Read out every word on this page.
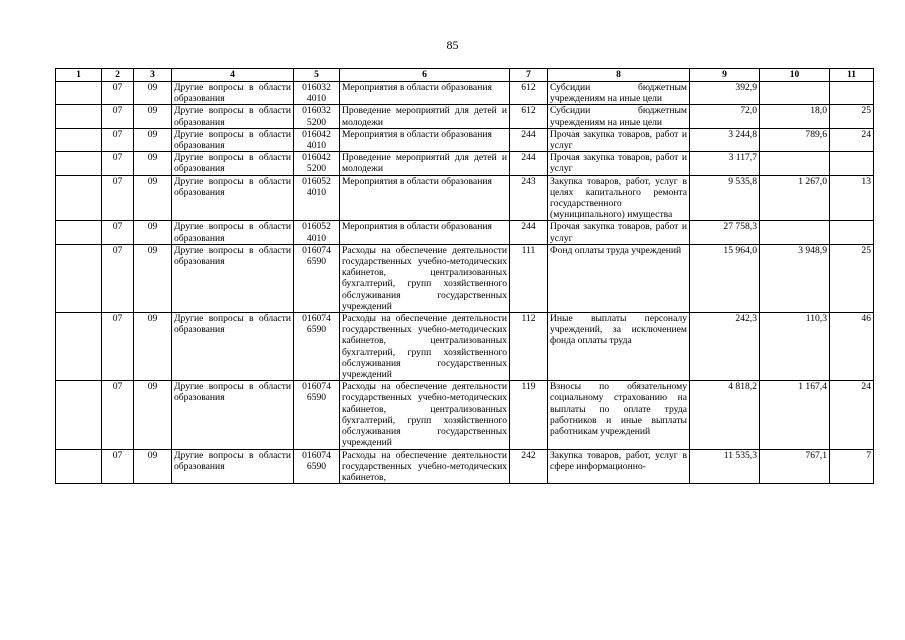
85
1	2	3	4	5	6	7	8	9	10	11
	07	09	Другие вопросы в области образования	016032 4010	Мероприятия в области образования	612	Субсидии бюджетным учреждениям на иные цели	392,9		
	07	09	Другие вопросы в области образования	016032 5200	Проведение мероприятий для детей и молодежи	612	Субсидии бюджетным учреждениям на иные цели	72,0	18,0	25
	07	09	Другие вопросы в области образования	016042 4010	Мероприятия в области образования	244	Прочая закупка товаров, работ и услуг	3 244,8	789,6	24
	07	09	Другие вопросы в области образования	016042 5200	Проведение мероприятий для детей и молодежи	244	Прочая закупка товаров, работ и услуг	3 117,7		
	07	09	Другие вопросы в области образования	016052 4010	Мероприятия в области образования	243	Закупка товаров, работ, услуг в целях капитального ремонта государственного (муниципального) имущества	9 535,8	1 267,0	13
	07	09	Другие вопросы в области образования	016052 4010	Мероприятия в области образования	244	Прочая закупка товаров, работ и услуг	27 758,3		
	07	09	Другие вопросы в области образования	016074 6590	Расходы на обеспечение деятельности государственных учебно-методических кабинетов, централизованных бухгалтерий, групп хозяйственного обслуживания государственных учреждений	111	Фонд оплаты труда учреждений	15 964,0	3 948,9	25
	07	09	Другие вопросы в области образования	016074 6590	Расходы на обеспечение деятельности государственных учебно-методических кабинетов, централизованных бухгалтерий, групп хозяйственного обслуживания государственных учреждений	112	Иные выплаты персоналу учреждений, за исключением фонда оплаты труда	242,3	110,3	46
	07	09	Другие вопросы в области образования	016074 6590	Расходы на обеспечение деятельности государственных учебно-методических кабинетов, централизованных бухгалтерий, групп хозяйственного обслуживания государственных учреждений	119	Взносы по обязательному социальному страхованию на выплаты по оплате труда работников и иные выплаты работникам учреждений	4 818,2	1 167,4	24
	07	09	Другие вопросы в области образования	016074 6590	Расходы на обеспечение деятельности государственных учебно-методических кабинетов,	242	Закупка товаров, работ, услуг в сфере информационно-	11 535,3	767,1	7
